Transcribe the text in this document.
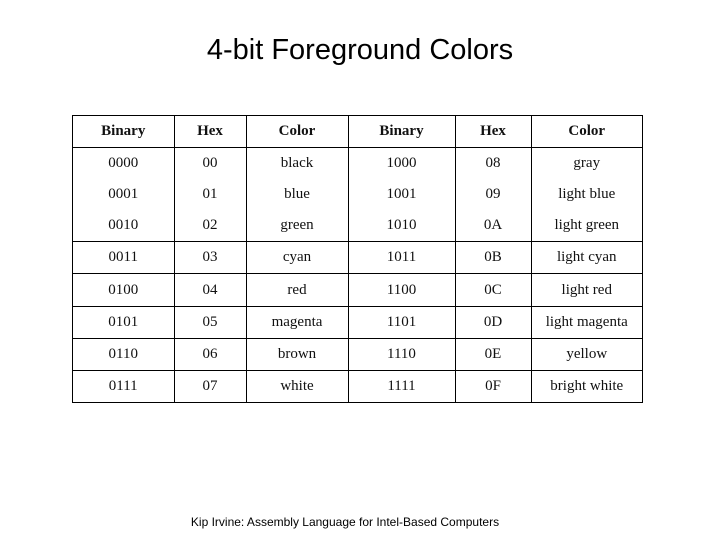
4-bit Foreground Colors
Binary	Hex	Color	Binary	Hex	Color
0000	00	black	1000	08	gray
0001	01	blue	1001	09	light blue
0010	02	green	1010	0A	light green
0011	03	cyan	1011	0B	light cyan
0100	04	red	1100	0C	light red
0101	05	magenta	1101	0D	light magenta
0110	06	brown	1110	0E	yellow
0111	07	white	1111	0F	bright white
Kip Irvine: Assembly Language for Intel-Based Computers
